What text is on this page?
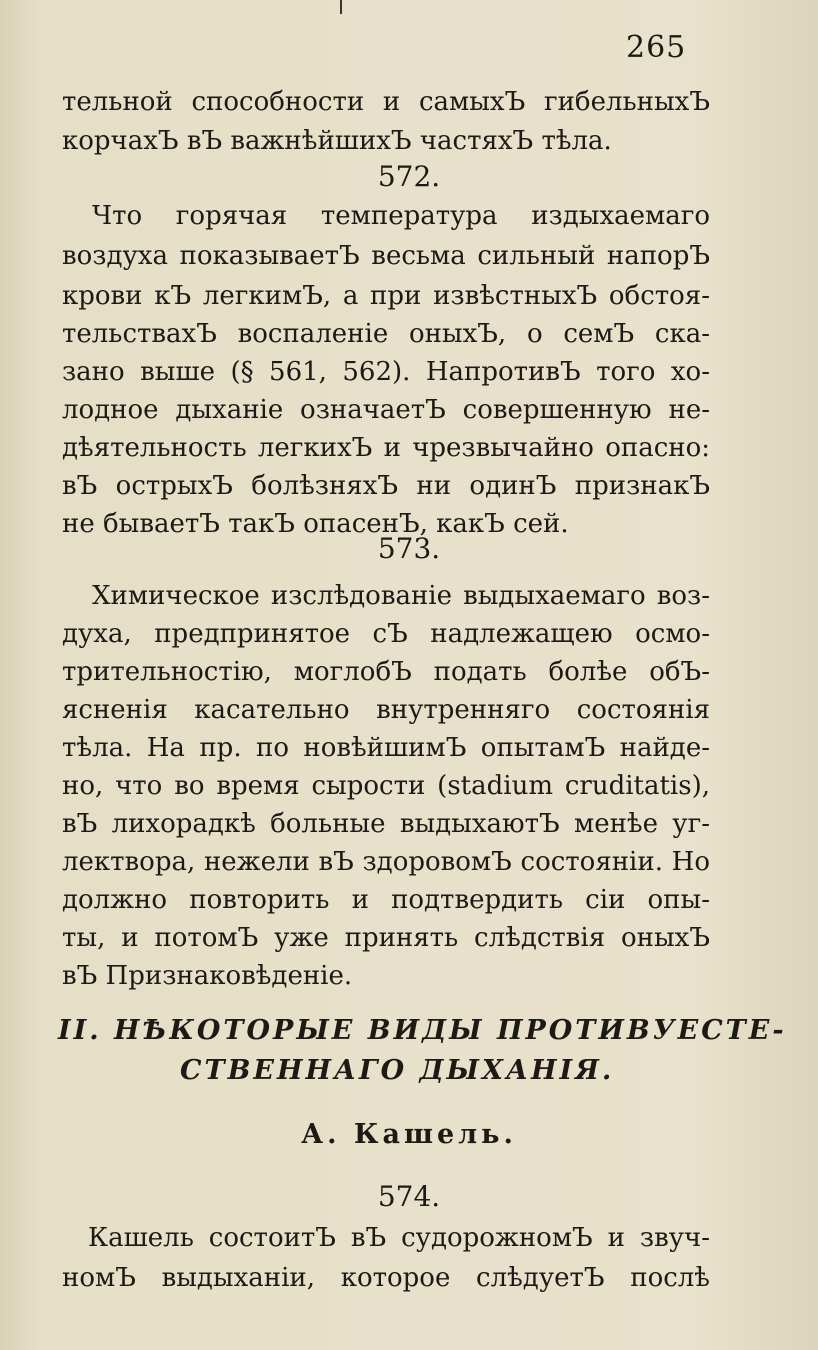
265
тельной способности и самыхЪ гибельныхЪ
корчахЪ вЪ важнѣйшихЪ частяхЪ тѣла.
572.
Что горячая температура издыхаемаго
воздуха показываетЪ весьма сильный напорЪ
крови кЪ легкимЪ, а при извѣстныхЪ обстоя-
тельствахЪ воспаленіе оныхЪ, о семЪ ска-
зано выше (§ 561, 562). НапротивЪ того хо-
лодное дыханіе означаетЪ совершенную не-
дѣятельность легкихЪ и чрезвычайно опасно:
вЪ острыхЪ болѣзняхЪ ни одинЪ признакЪ
не бываетЪ такЪ опасенЪ, какЪ сей.
573.
Химическое изслѣдованіе выдыхаемаго воз-
духа, предпринятое сЪ надлежащею осмо-
трительностію, моглобЪ подать болѣе обЪ-
ясненія касательно внутренняго состоянія
тѣла. На пр. по новѣйшимЪ опытамЪ найде-
но, что во время сырости (stadium cruditatis),
вЪ лихорадкѣ больные выдыхаютЪ менѣе уг-
лектвора, нежели вЪ здоровомЪ состояніи. Но
должно повторить и подтвердить сіи опы-
ты, и потомЪ уже принять слѣдствія оныхЪ
вЪ Признаковѣденіе.
II. НѢКОТОРЫЕ ВИДЫ ПРОТИВУЕСТЕ-
СТВЕННАГО ДЫХАНІЯ.
А. Кашель.
574.
Кашель состоитЪ вЪ судорожномЪ и звуч-
номЪ выдыханіи, которое слѣдуетЪ послѣ
